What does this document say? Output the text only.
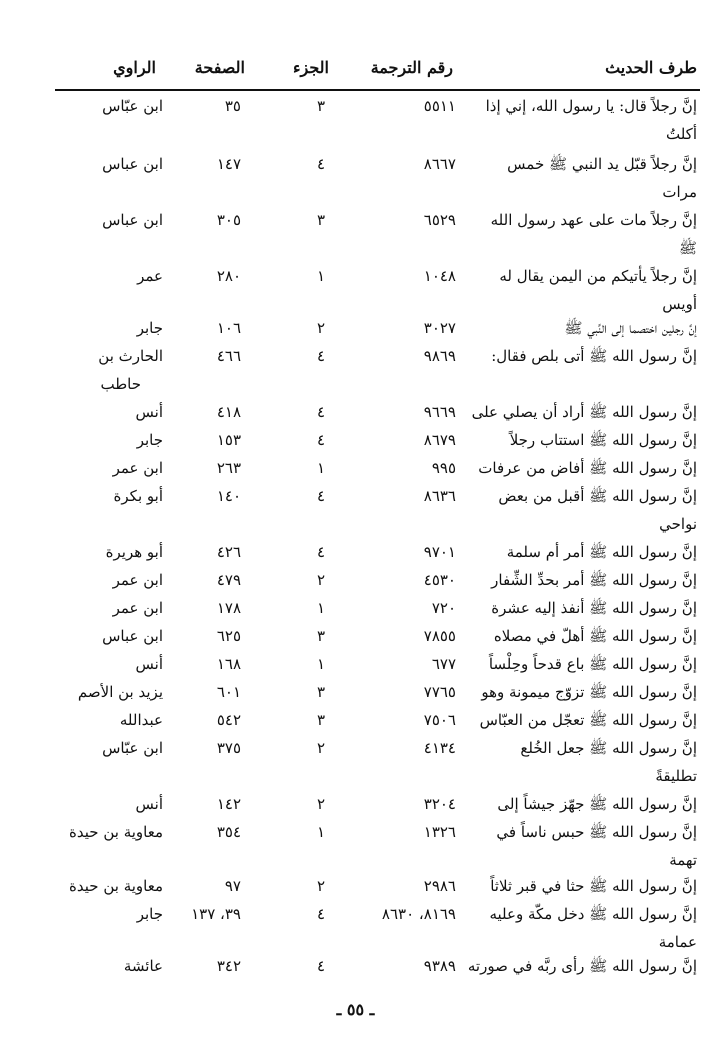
طرف الحديث
رقم الترجمة
الجزء
الصفحة
الراوي
إنَّ رجلاً قال: يا رسول الله، إني إذا
٥٥١١
٣
٣٥
ابن عبّاس
أكلتُ
إنَّ رجلاً قبّل يد النبي ﷺ خمس
٨٦٦٧
٤
١٤٧
ابن عباس
مرات
إنَّ رجلاً مات على عهد رسول الله
٦٥٢٩
٣
٣٠٥
ابن عباس
ﷺ
إنَّ رجلاً يأتيكم من اليمن يقال له
١٠٤٨
١
٢٨٠
عمر
أويس
إنَّ رجلين اختصما إلى النَّبي ﷺ
٣٠٢٧
٢
١٠٦
جابر
إنَّ رسول الله ﷺ أتى بلص فقال:
٩٨٦٩
٤
٤٦٦
الحارث بن
حاطب
إنَّ رسول الله ﷺ أراد أن يصلي على
٩٦٦٩
٤
٤١٨
أنس
إنَّ رسول الله ﷺ استتاب رجلاً
٨٦٧٩
٤
١٥٣
جابر
إنَّ رسول الله ﷺ أفاض من عرفات
٩٩٥
١
٢٦٣
ابن عمر
إنَّ رسول الله ﷺ أقبل من بعض
٨٦٣٦
٤
١٤٠
أبو بكرة
نواحي
إنَّ رسول الله ﷺ أمر أم سلمة
٩٧٠١
٤
٤٢٦
أبو هريرة
إنَّ رسول الله ﷺ أمر بحدِّ الشِّفار
٤٥٣٠
٢
٤٧٩
ابن عمر
إنَّ رسول الله ﷺ أنفذ إليه عشرة
٧٢٠
١
١٧٨
ابن عمر
إنَّ رسول الله ﷺ أهلّ في مصلاه
٧٨٥٥
٣
٦٢٥
ابن عباس
إنَّ رسول الله ﷺ باع قدحاً وحِلْساً
٦٧٧
١
١٦٨
أنس
إنَّ رسول الله ﷺ تزوّج ميمونة وهو
٧٧٦٥
٣
٦٠١
يزيد بن الأصم
إنَّ رسول الله ﷺ تعجّل من العبّاس
٧٥٠٦
٣
٥٤٢
عبدالله
إنَّ رسول الله ﷺ جعل الخُلع
٤١٣٤
٢
٣٧٥
ابن عبّاس
تطليقةً
إنَّ رسول الله ﷺ جهّز جيشاً إلى
٣٢٠٤
٢
١٤٢
أنس
إنَّ رسول الله ﷺ حبس ناساً في
١٣٢٦
١
٣٥٤
معاوية بن حيدة
تهمة
إنَّ رسول الله ﷺ حثا في قبر ثلاثاً
٢٩٨٦
٢
٩٧
معاوية بن حيدة
إنَّ رسول الله ﷺ دخل مكّة وعليه
٨١٦٩، ٨٦٣٠
٤
٣٩، ١٣٧
جابر
عمامة
إنَّ رسول الله ﷺ رأى ربَّه في صورته
٩٣٨٩
٤
٣٤٢
عائشة
ـ ٥٥ ـ
